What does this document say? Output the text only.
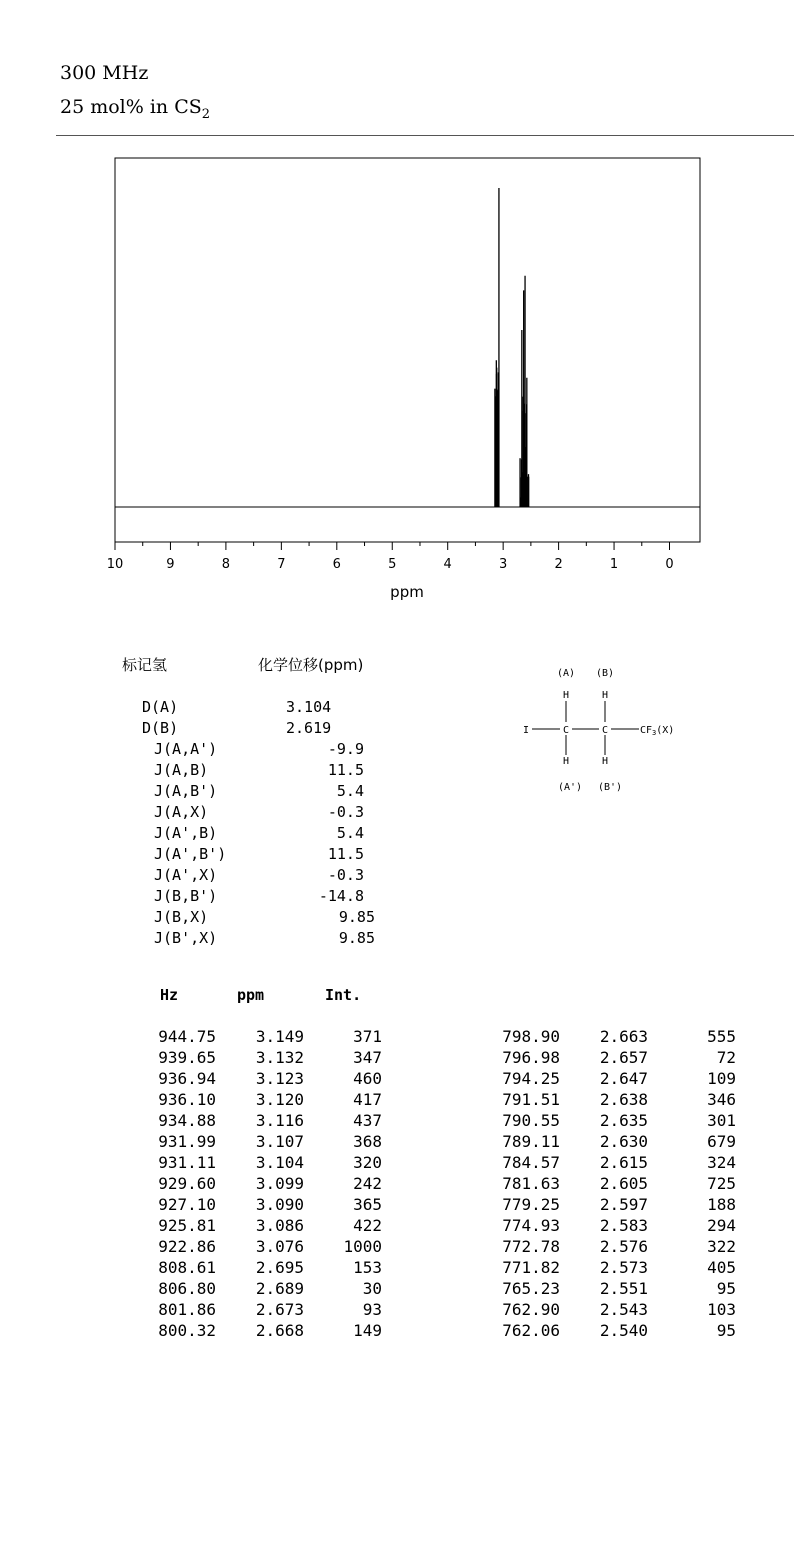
300 MHz
25 mol% in $CS_2$
10	9	8	7	6	5	4	3	2	1	0
ppm
标记氢	化学位移(ppm)
D(A)	3.104
D(B)	2.619
J(A,A')	-9.9
J(A,B)	11.5
J(A,B')	5.4
J(A,X)	-0.3
J(A',B)	5.4
J(A',B')	11.5
J(A',X)	-0.3
J(B,B')	-14.8
J(B,X)	9.85
J(B',X)	9.85
(A) (B)
H	H
I	C	C	$CF_3(X)$
H	H
(A') (B')
Hz	ppm	Int.
944.75 3.149	371
939.65 3.132	347
936.94 3.123	460
936.10 3.120	417
934.88 3.116	437
931.99 3.107	368
931.11 3.104	320
929.60 3.099	242
927.10 3.090	365
925.81 3.086	422
922.86 3.076 1000
808.61 2.695	153
806.80 2.689	30
801.86 2.673	93
800.32 2.668	149
798.90 2.663	555
796.98 2.657	72
794.25 2.647	109
791.51 2.638	346
790.55 2.635	301
789.11 2.630	679
784.57 2.615	324
781.63 2.605	725
779.25 2.597	188
774.93 2.583	294
772.78 2.576	322
771.82 2.573	405
765.23 2.551	95
762.90 2.543	103
762.06 2.540	95
